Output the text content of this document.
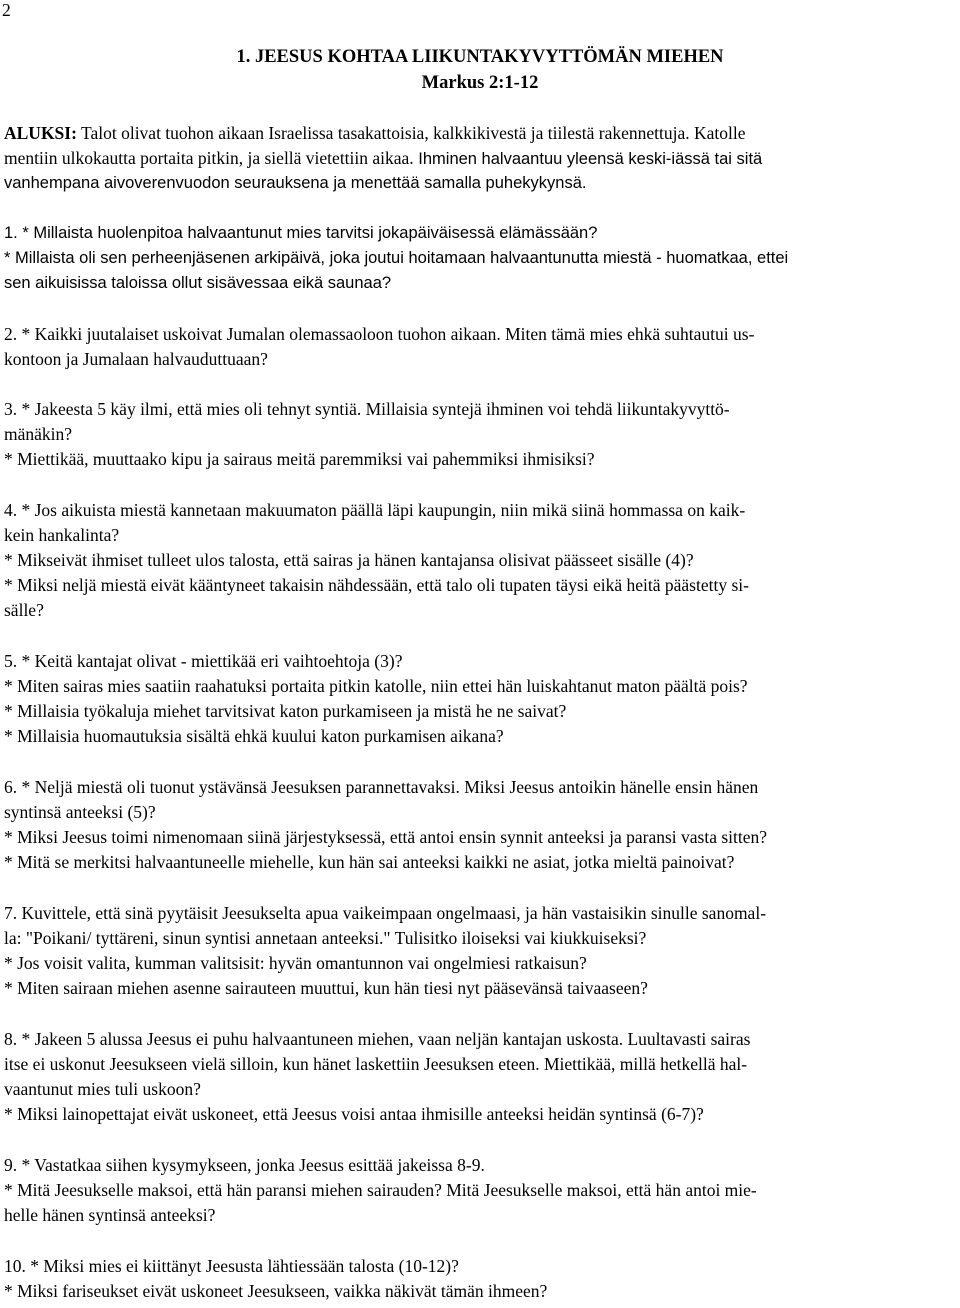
2
1. JEESUS KOHTAA LIIKUNTAKYVYTTÖMÄN MIEHEN
Markus 2:1-12
ALUKSI: Talot olivat tuohon aikaan Israelissa tasakattoisia, kalkkikivestä ja tiilestä rakennettuja. Katolle
mentiin ulkokautta portaita pitkin, ja siellä vietettiin aikaa. Ihminen halvaantuu yleensä keski-iässä tai sitä
vanhempana aivoverenvuodon seurauksena ja menettää samalla puhekykynsä.
1. * Millaista huolenpitoa halvaantunut mies tarvitsi jokapäiväisessä elämässään?
* Millaista oli sen perheenjäsenen arkipäivä, joka joutui hoitamaan halvaantunutta miestä - huomatkaa, ettei
sen aikuisissa taloissa ollut sisävessaa eikä saunaa?
2. * Kaikki juutalaiset uskoivat Jumalan olemassaoloon tuohon aikaan. Miten tämä mies ehkä suhtautui us-
kontoon ja Jumalaan halvauduttuaan?
3. * Jakeesta 5 käy ilmi, että mies oli tehnyt syntiä. Millaisia syntejä ihminen voi tehdä liikuntakyvyttö-
mänäkin?
* Miettikää, muuttaako kipu ja sairaus meitä paremmiksi vai pahemmiksi ihmisiksi?
4. * Jos aikuista miestä kannetaan makuumaton päällä läpi kaupungin, niin mikä siinä hommassa on kaik-
kein hankalinta?
* Mikseivät ihmiset tulleet ulos talosta, että sairas ja hänen kantajansa olisivat päässeet sisälle (4)?
* Miksi neljä miestä eivät kääntyneet takaisin nähdessään, että talo oli tupaten täysi eikä heitä päästetty si-
sälle?
5. * Keitä kantajat olivat - miettikää eri vaihtoehtoja (3)?
* Miten sairas mies saatiin raahatuksi portaita pitkin katolle, niin ettei hän luiskahtanut maton päältä pois?
* Millaisia työkaluja miehet tarvitsivat katon purkamiseen ja mistä he ne saivat?
* Millaisia huomautuksia sisältä ehkä kuului katon purkamisen aikana?
6. * Neljä miestä oli tuonut ystävänsä Jeesuksen parannettavaksi. Miksi Jeesus antoikin hänelle ensin hänen
syntinsä anteeksi (5)?
* Miksi Jeesus toimi nimenomaan siinä järjestyksessä, että antoi ensin synnit anteeksi ja paransi vasta sitten?
* Mitä se merkitsi halvaantuneelle miehelle, kun hän sai anteeksi kaikki ne asiat, jotka mieltä painoivat?
7. Kuvittele, että sinä pyytäisit Jeesukselta apua vaikeimpaan ongelmaasi, ja hän vastaisikin sinulle sanomal-
la: "Poikani/ tyttäreni, sinun syntisi annetaan anteeksi." Tulisitko iloiseksi vai kiukkuiseksi?
* Jos voisit valita, kumman valitsisit: hyvän omantunnon vai ongelmiesi ratkaisun?
* Miten sairaan miehen asenne sairauteen muuttui, kun hän tiesi nyt pääsevänsä taivaaseen?
8. * Jakeen 5 alussa Jeesus ei puhu halvaantuneen miehen, vaan neljän kantajan uskosta. Luultavasti sairas
itse ei uskonut Jeesukseen vielä silloin, kun hänet laskettiin Jeesuksen eteen. Miettikää, millä hetkellä hal-
vaantunut mies tuli uskoon?
* Miksi lainopettajat eivät uskoneet, että Jeesus voisi antaa ihmisille anteeksi heidän syntinsä (6-7)?
9. * Vastatkaa siihen kysymykseen, jonka Jeesus esittää jakeissa 8-9.
* Mitä Jeesukselle maksoi, että hän paransi miehen sairauden? Mitä Jeesukselle maksoi, että hän antoi mie-
helle hänen syntinsä anteeksi?
10. * Miksi mies ei kiittänyt Jeesusta lähtiessään talosta (10-12)?
* Miksi fariseukset eivät uskoneet Jeesukseen, vaikka näkivät tämän ihmeen?
